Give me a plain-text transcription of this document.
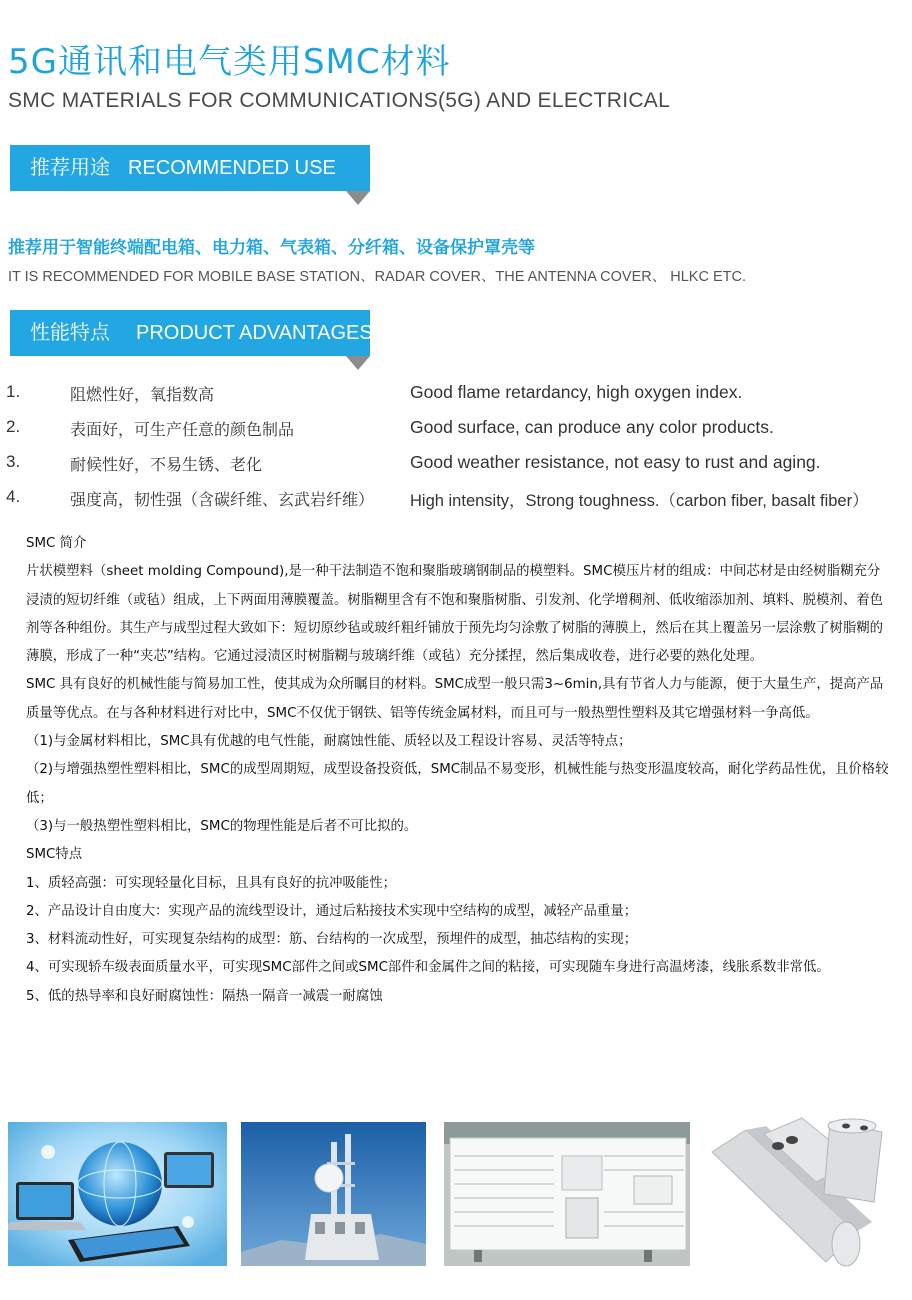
5G通讯和电气类用SMC材料
SMC MATERIALS FOR COMMUNICATIONS(5G) AND ELECTRICAL
推荐用途 RECOMMENDED USE
推荐用于智能终端配电箱、电力箱、气表箱、分纤箱、设备保护罩壳等
IT IS RECOMMENDED FOR MOBILE BASE STATION、RADAR COVER、THE ANTENNA COVER、 HLKC ETC.
性能特点 PRODUCT ADVANTAGES
1.	阻燃性好，氧指数高	Good flame retardancy, high oxygen index.
2.	表面好，可生产任意的颜色制品	Good surface, can produce any color products.
3.	耐候性好，不易生锈、老化	Good weather resistance, not easy to rust and aging.
4.	强度高，韧性强（含碳纤维、玄武岩纤维） High intensity，Strong toughness.（carbon fiber, basalt fiber）

SMC 简介

片状模塑料（sheet molding Compound),是一种干法制造不饱和聚脂玻璃钢制品的模塑料。SMC模压片材的组成：中间芯材是由经树脂糊充分浸渍的短切纤维（或毡）组成，上下两面用薄膜覆盖。树脂糊里含有不饱和聚脂树脂、引发剂、化学增稠剂、低收缩添加剂、填料、脱模剂、着色剂等各种组份。其生产与成型过程大致如下：短切原纱毡或玻纤粗纤铺放于预先均匀涂敷了树脂的薄膜上，然后在其上覆盖另一层涂敷了树脂糊的薄膜，形成了一种“夹芯”结构。它通过浸渍区时树脂糊与玻璃纤维（或毡）充分揉捏，然后集成收卷，进行必要的熟化处理。

SMC 具有良好的机械性能与简易加工性，使其成为众所瞩目的材料。SMC成型一般只需3~6min,具有节省人力与能源，便于大量生产，提高产品质量等优点。在与各种材料进行对比中，SMC不仅优于钢铁、铝等传统金属材料，而且可与一般热塑性塑料及其它增强材料一争高低。

（1)与金属材料相比，SMC具有优越的电气性能，耐腐蚀性能、质轻以及工程设计容易、灵活等特点；

（2)与增强热塑性塑料相比，SMC的成型周期短，成型设备投资低，SMC制品不易变形，机械性能与热变形温度较高，耐化学药品性优，且价格较低；

（3)与一般热塑性塑料相比，SMC的物理性能是后者不可比拟的。

SMC特点

1、质轻高强：可实现轻量化目标，且具有良好的抗冲吸能性；

2、产品设计自由度大：实现产品的流线型设计，通过后粘接技术实现中空结构的成型，减轻产品重量；

3、材料流动性好，可实现复杂结构的成型：筋、台结构的一次成型，预埋件的成型，抽芯结构的实现；

4、可实现轿车级表面质量水平，可实现SMC部件之间或SMC部件和金属件之间的粘接，可实现随车身进行高温烤漆，线胀系数非常低。

5、低的热导率和良好耐腐蚀性：隔热一隔音一减震一耐腐蚀
